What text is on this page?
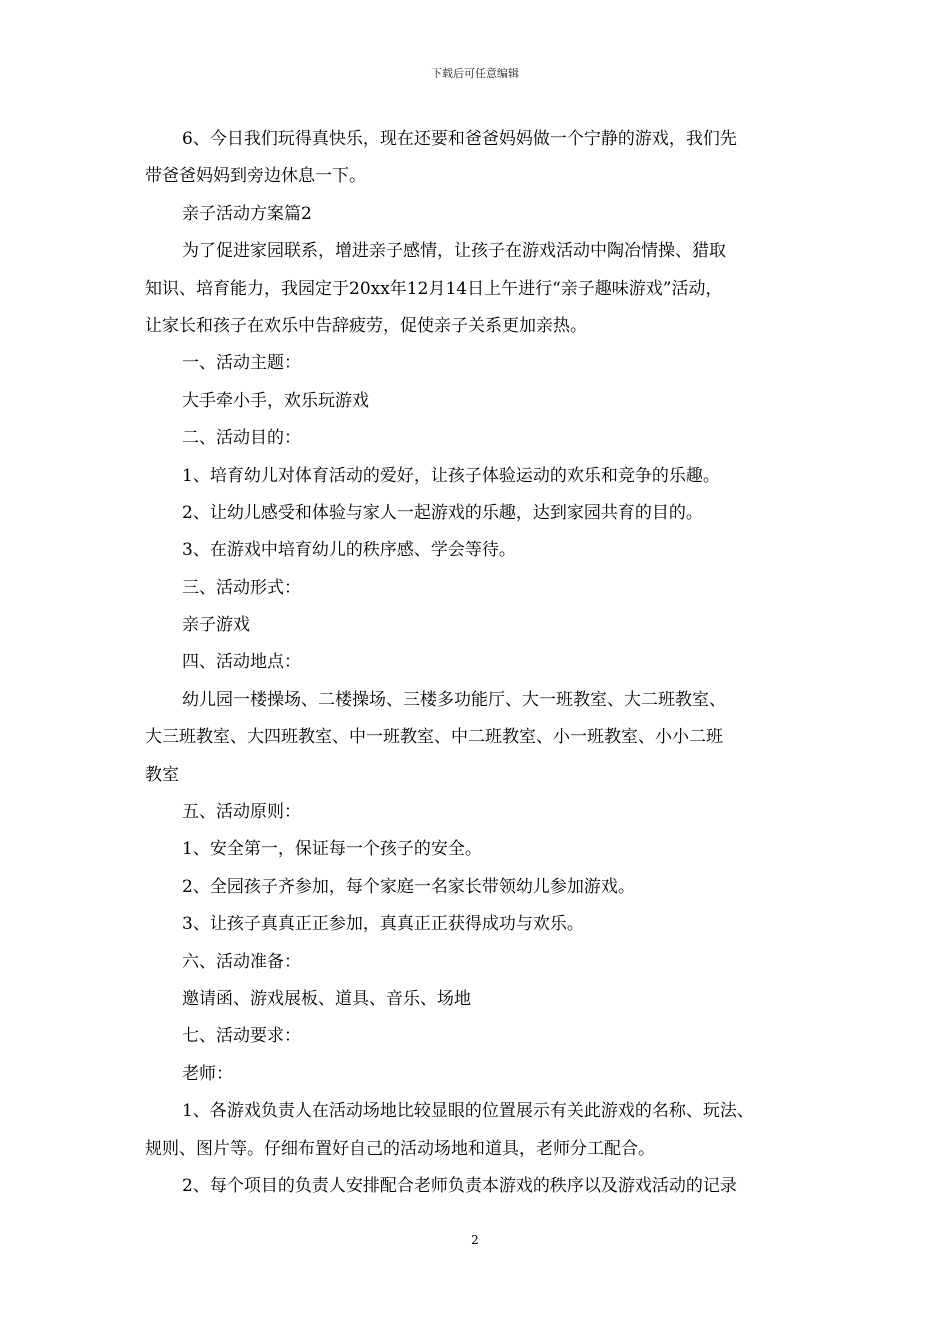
下载后可任意编辑
6、今日我们玩得真快乐，现在还要和爸爸妈妈做一个宁静的游戏，我们先
带爸爸妈妈到旁边休息一下。
亲子活动方案篇2
为了促进家园联系，增进亲子感情，让孩子在游戏活动中陶冶情操、猎取
知识、培育能力，我园定于20xx年12月14日上午进行“亲子趣味游戏”活动，
让家长和孩子在欢乐中告辞疲劳，促使亲子关系更加亲热。
一、活动主题：
大手牵小手，欢乐玩游戏
二、活动目的：
1、培育幼儿对体育活动的爱好，让孩子体验运动的欢乐和竞争的乐趣。
2、让幼儿感受和体验与家人一起游戏的乐趣，达到家园共育的目的。
3、在游戏中培育幼儿的秩序感、学会等待。
三、活动形式：
亲子游戏
四、活动地点：
幼儿园一楼操场、二楼操场、三楼多功能厅、大一班教室、大二班教室、
大三班教室、大四班教室、中一班教室、中二班教室、小一班教室、小小二班
教室
五、活动原则：
1、安全第一，保证每一个孩子的安全。
2、全园孩子齐参加，每个家庭一名家长带领幼儿参加游戏。
3、让孩子真真正正参加，真真正正获得成功与欢乐。
六、活动准备：
邀请函、游戏展板、道具、音乐、场地
七、活动要求：
老师：
1、各游戏负责人在活动场地比较显眼的位置展示有关此游戏的名称、玩法、
规则、图片等。仔细布置好自己的活动场地和道具，老师分工配合。
2、每个项目的负责人安排配合老师负责本游戏的秩序以及游戏活动的记录
2
